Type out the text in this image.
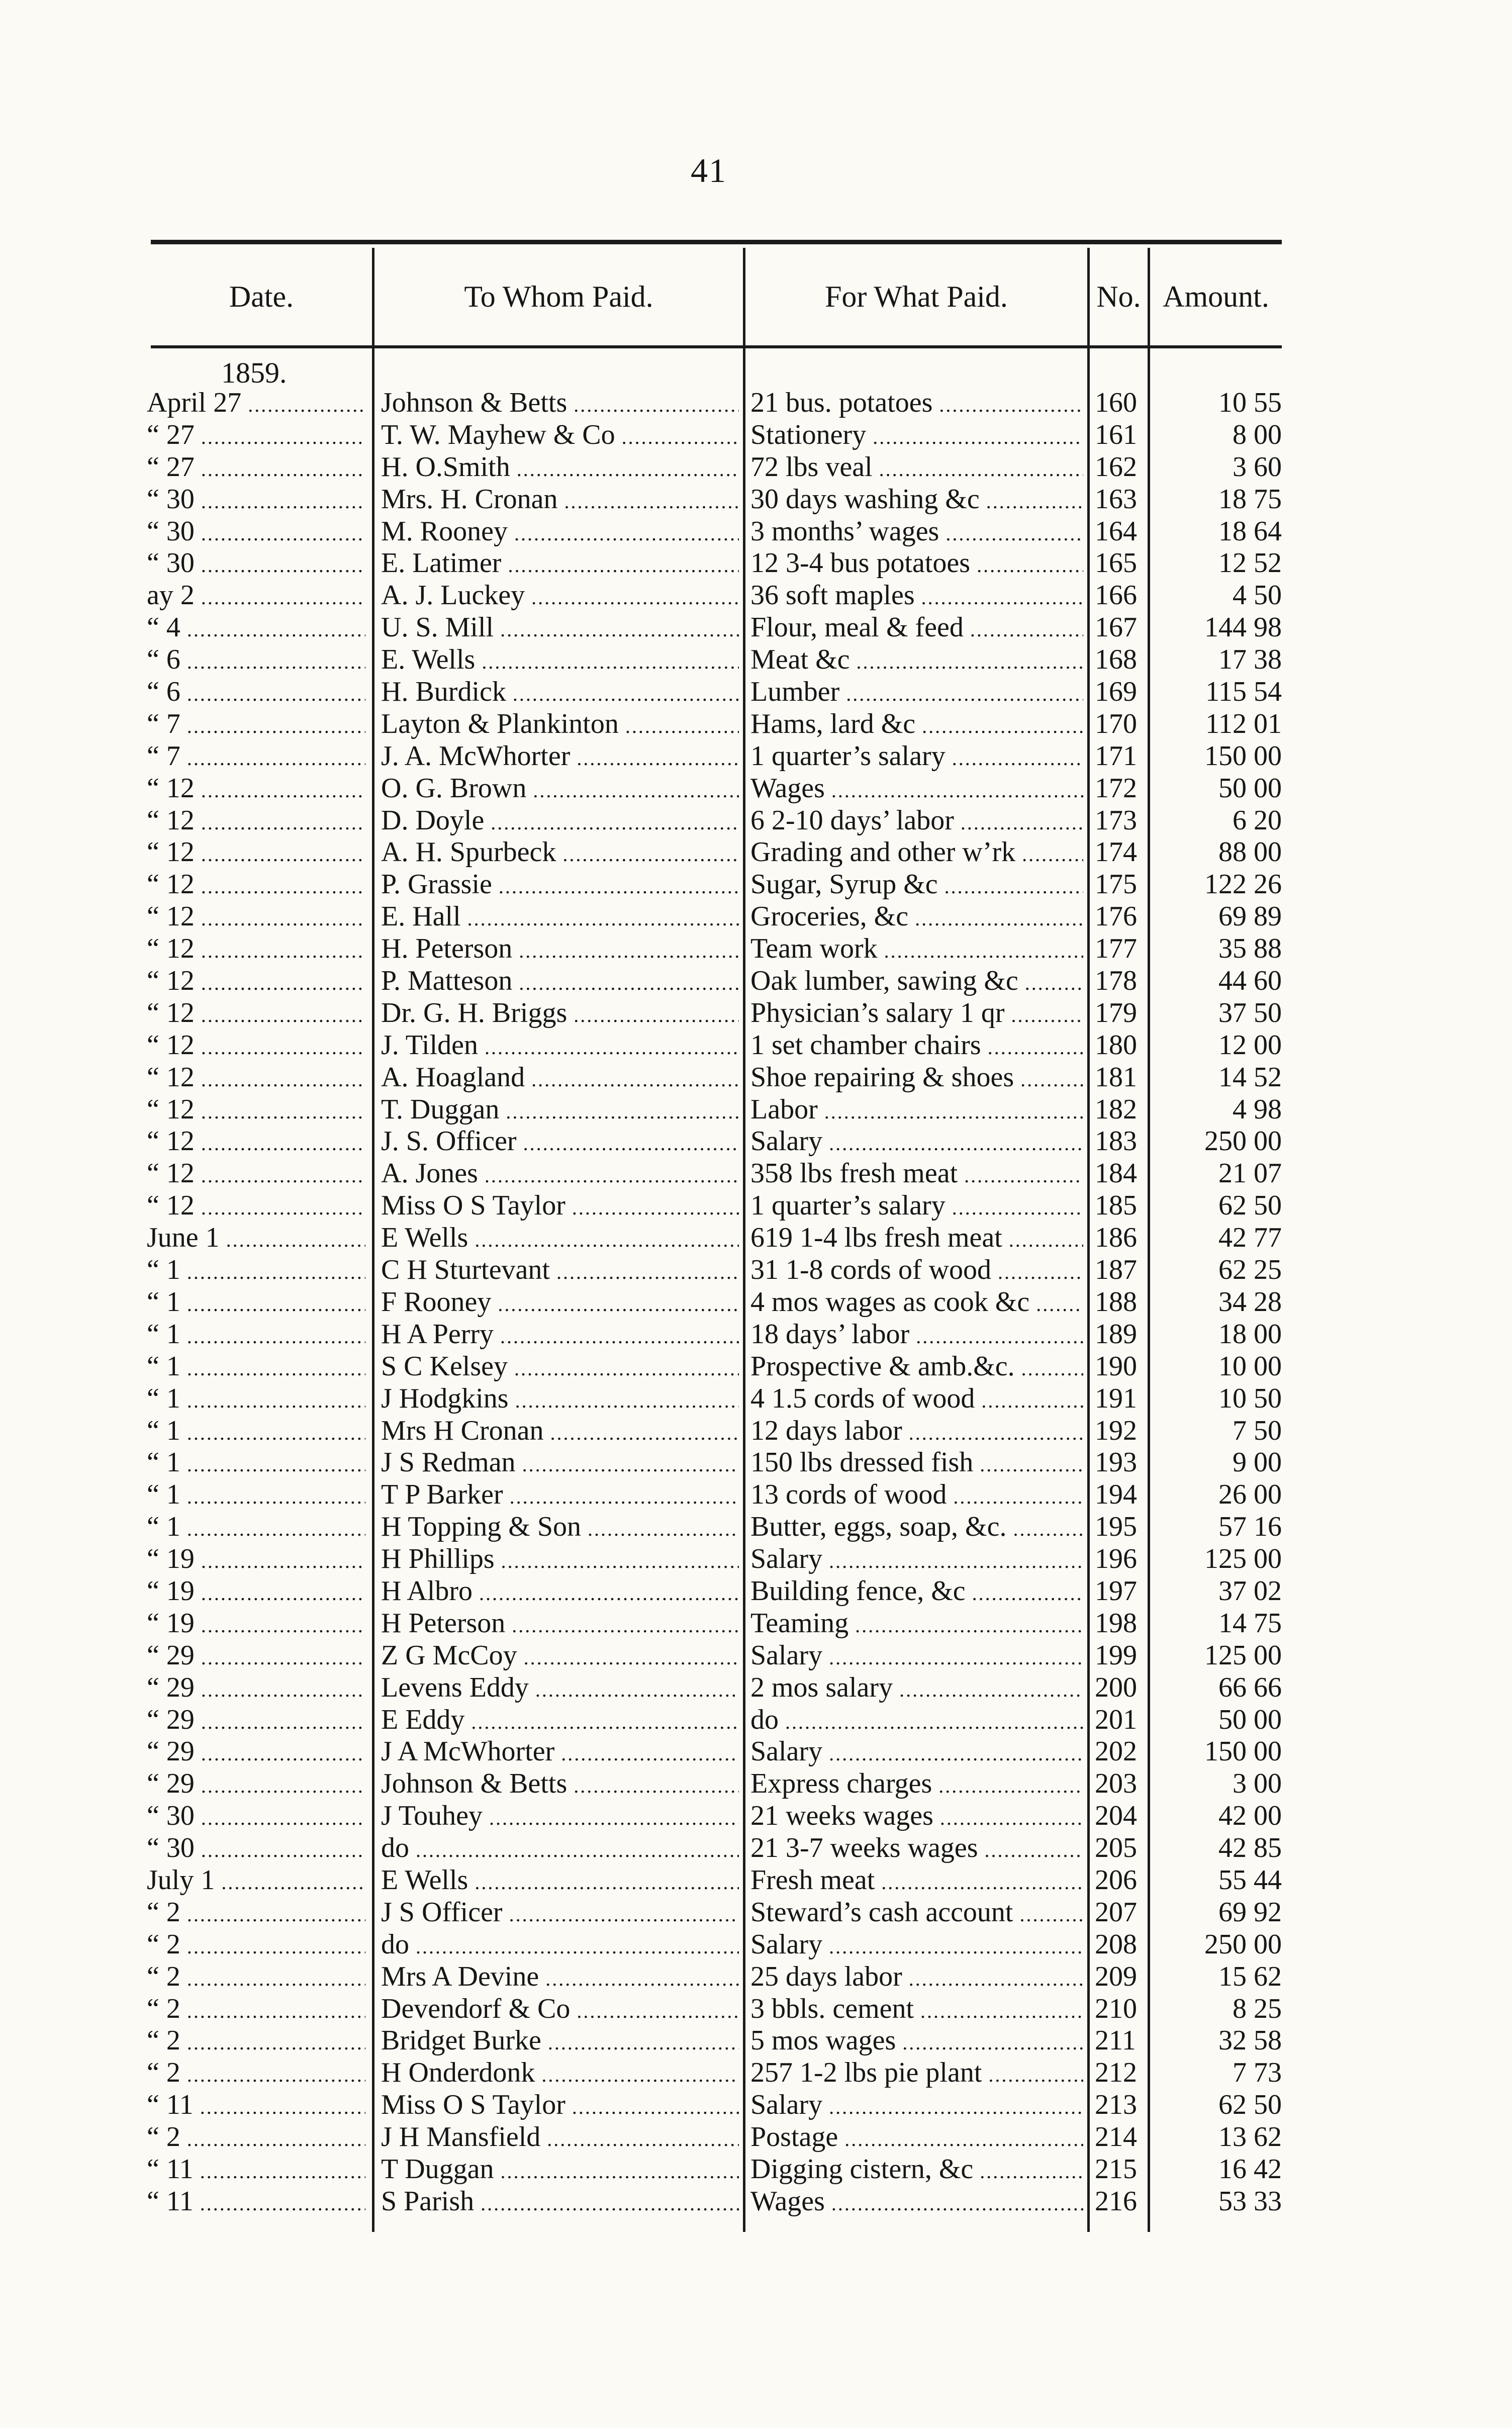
41
Date.	To Whom Paid.	For What Paid.	No. Amount.
1859.
April 27 .....	Johnson & Betts .....	21 bus. potatoes .....	160	10 55
“ 27 .....	T. W. Mayhew & Co .....	Stationery .....	161	8 00
“ 27 .....	H. O.Smith .....	72 lbs veal .....	162	3 60
“ 30 .....	Mrs. H. Cronan .....	30 days washing &c .....	163	18 75
“ 30 .....	M. Rooney .....	3 months’ wages .....	164	18 64
“ 30 .....	E. Latimer .....	12 3-4 bus potatoes .....	165	12 52
ay 2 .....	A. J. Luckey .....	36 soft maples .....	166	4 50
“ 4 .....	U. S. Mill .....	Flour, meal & feed .....	167	144 98
“ 6 .....	E. Wells .....	Meat &c .....	168	17 38
“ 6 .....	H. Burdick .....	Lumber .....	169	115 54
“ 7 .....	Layton & Plankinton .....	Hams, lard &c .....	170	112 01
“ 7 .....	J. A. McWhorter .....	1 quarter’s salary .....	171	150 00
“ 12 .....	O. G. Brown .....	Wages .....	172	50 00
“ 12 .....	D. Doyle .....	6 2-10 days’ labor .....	173	6 20
“ 12 .....	A. H. Spurbeck .....	Grading and other w’rk .....	174	88 00
“ 12 .....	P. Grassie .....	Sugar, Syrup &c .....	175	122 26
“ 12 .....	E. Hall .....	Groceries, &c .....	176	69 89
“ 12 .....	H. Peterson .....	Team work .....	177	35 88
“ 12 .....	P. Matteson .....	Oak lumber, sawing &c .....	178	44 60
“ 12 .....	Dr. G. H. Briggs .....	Physician’s salary 1 qr .....	179	37 50
“ 12 .....	J. Tilden .....	1 set chamber chairs .....	180	12 00
“ 12 .....	A. Hoagland .....	Shoe repairing & shoes .....	181	14 52
“ 12 .....	T. Duggan .....	Labor .....	182	4 98
“ 12 .....	J. S. Officer .....	Salary .....	183	250 00
“ 12 .....	A. Jones .....	358 lbs fresh meat .....	184	21 07
“ 12 .....	Miss O S Taylor .....	1 quarter’s salary .....	185	62 50
June 1 .....	E Wells .....	619 1-4 lbs fresh meat .....	186	42 77
“ 1 .....	C H Sturtevant .....	31 1-8 cords of wood .....	187	62 25
“ 1 .....	F Rooney .....	4 mos wages as cook &c .....	188	34 28
“ 1 .....	H A Perry .....	18 days’ labor .....	189	18 00
“ 1 .....	S C Kelsey .....	Prospective & amb.&c. .....	190	10 00
“ 1 .....	J Hodgkins .....	4 1.5 cords of wood .....	191	10 50
“ 1 .....	Mrs H Cronan .....	12 days labor .....	192	7 50
“ 1 .....	J S Redman .....	150 lbs dressed fish .....	193	9 00
“ 1 .....	T P Barker .....	13 cords of wood .....	194	26 00
“ 1 .....	H Topping & Son .....	Butter, eggs, soap, &c. .....	195	57 16
“ 19 .....	H Phillips .....	Salary .....	196	125 00
“ 19 .....	H Albro .....	Building fence, &c .....	197	37 02
“ 19 .....	H Peterson .....	Teaming .....	198	14 75
“ 29 .....	Z G McCoy .....	Salary .....	199	125 00
“ 29 .....	Levens Eddy .....	2 mos salary .....	200	66 66
“ 29 .....	E Eddy .....	do .....	201	50 00
“ 29 .....	J A McWhorter .....	Salary .....	202	150 00
“ 29 .....	Johnson & Betts .....	Express charges .....	203	3 00
“ 30 .....	J Touhey .....	21 weeks wages .....	204	42 00
“ 30 .....	do .....	21 3-7 weeks wages .....	205	42 85
July 1 .....	E Wells .....	Fresh meat .....	206	55 44
“ 2 .....	J S Officer .....	Steward’s cash account .....	207	69 92
“ 2 .....	do .....	Salary .....	208	250 00
“ 2 .....	Mrs A Devine .....	25 days labor .....	209	15 62
“ 2 .....	Devendorf & Co .....	3 bbls. cement .....	210	8 25
“ 2 .....	Bridget Burke .....	5 mos wages .....	211	32 58
“ 2 .....	H Onderdonk .....	257 1-2 lbs pie plant .....	212	7 73
“ 11 .....	Miss O S Taylor .....	Salary .....	213	62 50
“ 2 .....	J H Mansfield .....	Postage .....	214	13 62
“ 11 .....	T Duggan .....	Digging cistern, &c .....	215	16 42
“ 11 .....	S Parish .....	Wages .....	216	53 33
